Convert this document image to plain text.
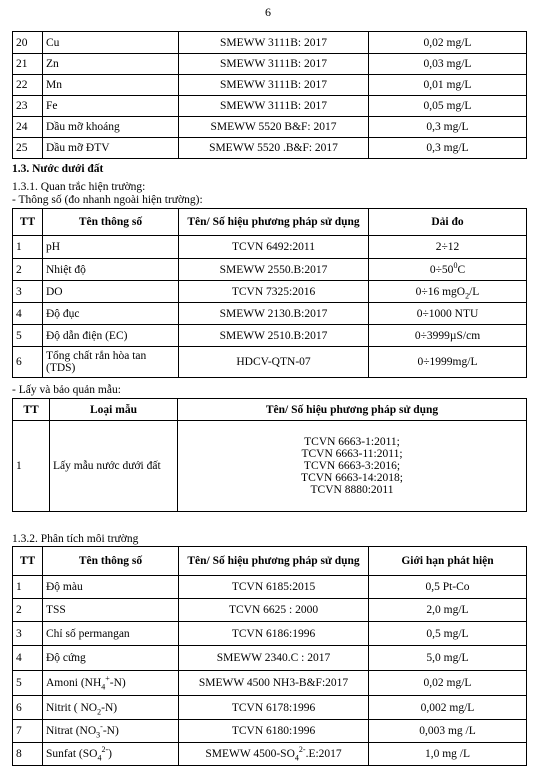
6
20	Cu	SMEWW 3111B: 2017	0,02 mg/L
21	Zn	SMEWW 3111B: 2017	0,03 mg/L
22	Mn	SMEWW 3111B: 2017	0,01 mg/L
23	Fe	SMEWW 3111B: 2017	0,05 mg/L
24	Dầu mỡ khoáng	SMEWW 5520 B&F: 2017	0,3 mg/L
25	Dầu mỡ ĐTV	SMEWW 5520 .B&F: 2017	0,3 mg/L
1.3. Nước dưới đất
1.3.1. Quan trắc hiện trường:
- Thông số (đo nhanh ngoài hiện trường):
TT	Tên thông số	Tên/ Số hiệu phương pháp sử dụng	Dải đo
1	pH	TCVN 6492:2011	2÷12
2	Nhiệt độ	SMEWW 2550.B:2017	$0\div 50^0C$
3	DO	TCVN 7325:2016	0÷16 mgO$_2$/L
4	Độ đục	SMEWW 2130.B:2017	0÷1000 NTU
5	Độ dẫn điện (EC)	SMEWW 2510.B:2017	0÷3999µS/cm
6	Tổng chất rắn hòa tan (TDS)	HDCV-QTN-07	0÷1999mg/L
- Lấy và bảo quản mẫu:
TT	Loại mẫu	Tên/ Số hiệu phương pháp sử dụng
1	Lấy mẫu nước dưới đất	TCVN 6663-1:2011;
TCVN 6663-11:2011;
TCVN 6663-3:2016;
TCVN 6663-14:2018;
TCVN 8880:2011
1.3.2. Phân tích môi trường
TT	Tên thông số	Tên/ Số hiệu phương pháp sử dụng	Giới hạn phát hiện
1	Độ màu	TCVN 6185:2015	0,5 Pt-Co
2	TSS	TCVN 6625 : 2000	2,0 mg/L
3	Chỉ số permangan	TCVN 6186:1996	0,5 mg/L
4	Độ cứng	SMEWW 2340.C : 2017	5,0 mg/L
5	Amoni $(NH_4^+-N)$	SMEWW 4500 NH3-B&F:2017	0,02 mg/L
6	Nitrit ( $NO_2-N$)	TCVN 6178:1996	0,002 mg/L
7	Nitrat $(NO_3^--N)$	TCVN 6180:1996	0,003 mg /L
8	Sunfat $(SO_4^{2-})$	SMEWW $4500-SO_4^{2-}.E:2017$	1,0 mg /L
